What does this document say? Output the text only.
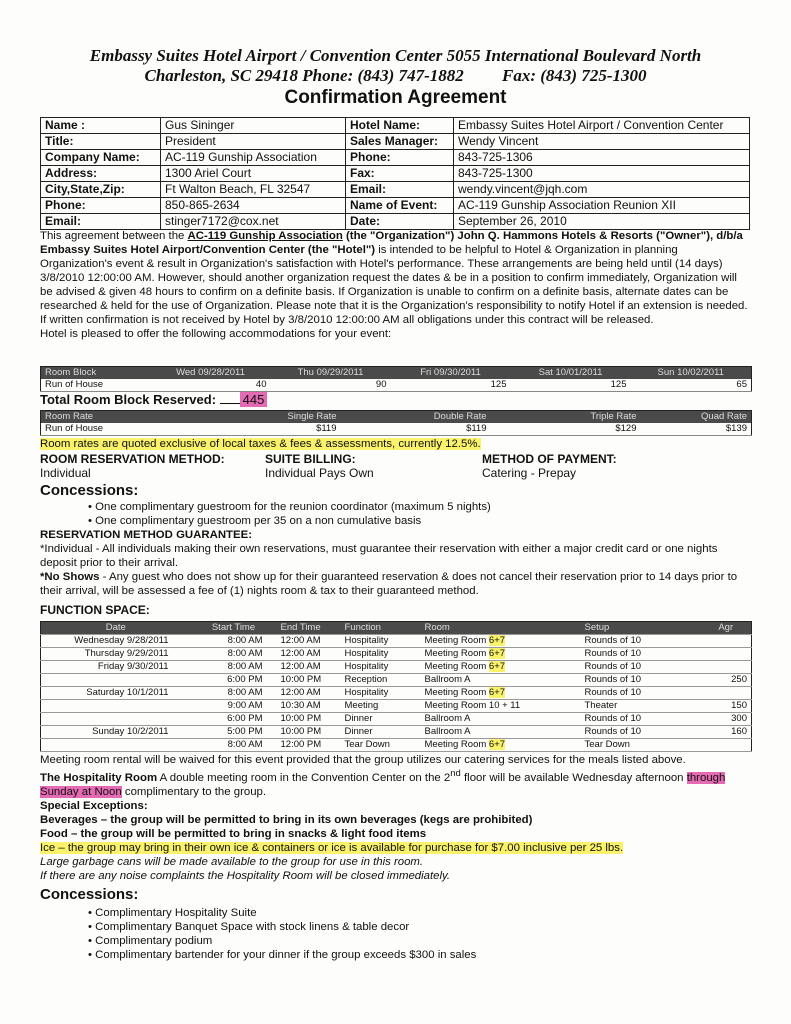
Embassy Suites Hotel Airport / Convention Center 5055 International Boulevard North
Charleston, SC 29418 Phone: (843) 747-1882 Fax: (843) 725-1300
Confirmation Agreement
Name :	Gus Sininger	Hotel Name:	Embassy Suites Hotel Airport / Convention Center
Title:	President	Sales Manager:	Wendy Vincent
Company Name:	AC-119 Gunship Association	Phone:	843-725-1306
Address:	1300 Ariel Court	Fax:	843-725-1300
City,State,Zip:	Ft Walton Beach, FL 32547	Email:	wendy.vincent@jqh.com
Phone:	850-865-2634	Name of Event:	AC-119 Gunship Association Reunion XII
Email:	stinger7172@cox.net	Date:	September 26, 2010
This agreement between the AC-119 Gunship Association (the "Organization") John Q. Hammons Hotels & Resorts ("Owner"), d/b/a Embassy Suites Hotel Airport/Convention Center (the "Hotel") is intended to be helpful to Hotel & Organization in planning Organization's event & result in Organization's satisfaction with Hotel's performance. These arrangements are being held until (14 days) 3/8/2010 12:00:00 AM. However, should another organization request the dates & be in a position to confirm immediately, Organization will be advised & given 48 hours to confirm on a definite basis. If Organization is unable to confirm on a definite basis, alternate dates can be researched & held for the use of Organization. Please note that it is the Organization's responsibility to notify Hotel if an extension is needed. If written confirmation is not received by Hotel by 3/8/2010 12:00:00 AM all obligations under this contract will be released.
Hotel is pleased to offer the following accommodations for your event:
Room Block	Wed 09/28/2011	Thu 09/29/2011	Fri 09/30/2011	Sat 10/01/2011	Sun 10/02/2011
Run of House	40	90	125	125	65
Total Room Block Reserved: 445
Room Rate	Single Rate	Double Rate	Triple Rate	Quad Rate
Run of House	$119	$119	$129	$139
Room rates are quoted exclusive of local taxes & fees & assessments, currently 12.5%.
ROOM RESERVATION METHOD:
Individual
SUITE BILLING:
Individual Pays Own
METHOD OF PAYMENT:
Catering - Prepay
Concessions:
• One complimentary guestroom for the reunion coordinator (maximum 5 nights)
• One complimentary guestroom per 35 on a non cumulative basis
RESERVATION METHOD GUARANTEE:
*Individual - All individuals making their own reservations, must guarantee their reservation with either a major credit card or one nights deposit prior to their arrival.
*No Shows - Any guest who does not show up for their guaranteed reservation & does not cancel their reservation prior to 14 days prior to their arrival, will be assessed a fee of (1) nights room & tax to their guaranteed method.
FUNCTION SPACE:
Date	Start Time	End Time	Function	Room	Setup	Agr
Wednesday 9/28/2011	8:00 AM	12:00 AM	Hospitality	Meeting Room 6+7	Rounds of 10	
Thursday 9/29/2011	8:00 AM	12:00 AM	Hospitality	Meeting Room 6+7	Rounds of 10	
Friday 9/30/2011	8:00 AM	12:00 AM	Hospitality	Meeting Room 6+7	Rounds of 10	
	6:00 PM	10:00 PM	Reception	Ballroom A	Rounds of 10	250
Saturday 10/1/2011	8:00 AM	12:00 AM	Hospitality	Meeting Room 6+7	Rounds of 10	
	9:00 AM	10:30 AM	Meeting	Meeting Room 10 + 11	Theater	150
	6:00 PM	10:00 PM	Dinner	Ballroom A	Rounds of 10	300
Sunday 10/2/2011	5:00 PM	10:00 PM	Dinner	Ballroom A	Rounds of 10	160
	8:00 AM	12:00 PM	Tear Down	Meeting Room 6+7	Tear Down	
Meeting room rental will be waived for this event provided that the group utilizes our catering services for the meals listed above.
The Hospitality Room A double meeting room in the Convention Center on the 2nd floor will be available Wednesday afternoon through Sunday at Noon complimentary to the group.
Special Exceptions:
Beverages – the group will be permitted to bring in its own beverages (kegs are prohibited)
Food – the group will be permitted to bring in snacks & light food items
Ice – the group may bring in their own ice & containers or ice is available for purchase for $7.00 inclusive per 25 lbs.
Large garbage cans will be made available to the group for use in this room.
If there are any noise complaints the Hospitality Room will be closed immediately.
Concessions:
• Complimentary Hospitality Suite
• Complimentary Banquet Space with stock linens & table decor
• Complimentary podium
• Complimentary bartender for your dinner if the group exceeds $300 in sales
